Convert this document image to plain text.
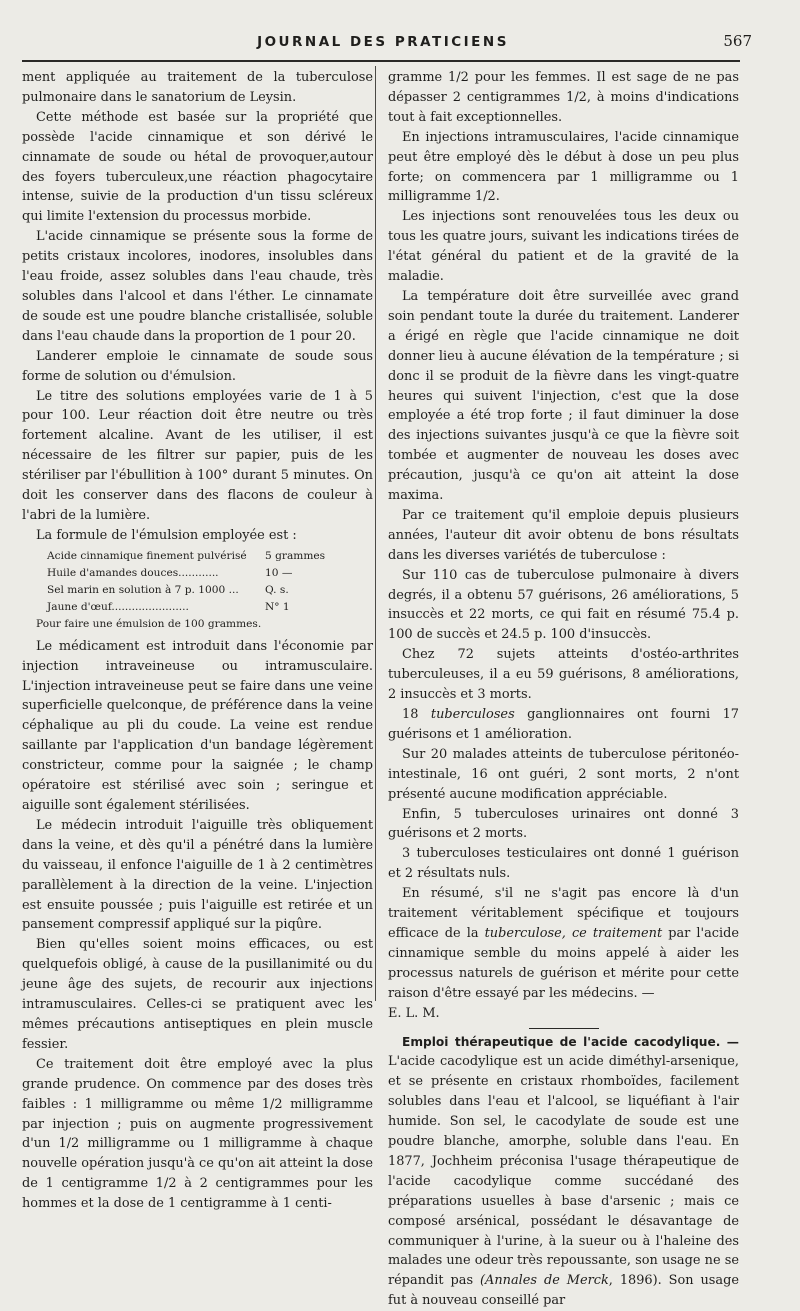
JOURNAL DES PRATICIENS	567

ment appliquée au traitement de la tuberculose pulmonaire dans le sanatorium de Leysin.

Cette méthode est basée sur la propriété que possède l'acide cinnamique et son dérivé le cinnamate de soude ou hétal de provoquer,autour des foyers tuberculeux,une réaction phagocytaire intense, suivie de la production d'un tissu scléreux qui limite l'extension du processus morbide.

L'acide cinnamique se présente sous la forme de petits cristaux incolores, inodores, insolubles dans l'eau froide, assez solubles dans l'eau chaude, très solubles dans l'alcool et dans l'éther. Le cinnamate de soude est une poudre blanche cristallisée, soluble dans l'eau chaude dans la proportion de 1 pour 20.

Landerer emploie le cinnamate de soude sous forme de solution ou d'émulsion.

Le titre des solutions employées varie de 1 à 5 pour 100. Leur réaction doit être neutre ou très fortement alcaline. Avant de les utiliser, il est nécessaire de les filtrer sur papier, puis de les stériliser par l'ébullition à 100° durant 5 minutes. On doit les conserver dans des flacons de couleur à l'abri de la lumière.

La formule de l'émulsion employée est :

Acide cinnamique finement pulvérisé	5 grammes
Huile d'amandes douces............	10 —
Sel marin en solution à 7 p. 1000 ...	Q. s.
Jaune d'œuf.......................	N° 1
Pour faire une émulsion de 100 grammes.

Le médicament est introduit dans l'économie par injection intraveineuse ou intramusculaire. L'injection intraveineuse peut se faire dans une veine superficielle quelconque, de préférence dans la veine céphalique au pli du coude. La veine est rendue saillante par l'application d'un bandage légèrement constricteur, comme pour la saignée ; le champ opératoire est stérilisé avec soin ; seringue et aiguille sont également stérilisées.

Le médecin introduit l'aiguille très obliquement dans la veine, et dès qu'il a pénétré dans la lumière du vaisseau, il enfonce l'aiguille de 1 à 2 centimètres parallèlement à la direction de la veine. L'injection est ensuite poussée ; puis l'aiguille est retirée et un pansement compressif appliqué sur la piqûre.

Bien qu'elles soient moins efficaces, ou est quelquefois obligé, à cause de la pusillanimité ou du jeune âge des sujets, de recourir aux injections intramusculaires. Celles-ci se pratiquent avec les mêmes précautions antiseptiques en plein muscle fessier.

Ce traitement doit être employé avec la plus grande prudence. On commence par des doses très faibles : 1 milligramme ou même 1/2 milligramme par injection ; puis on augmente progressivement d'un 1/2 milligramme ou 1 milligramme à chaque nouvelle opération jusqu'à ce qu'on ait atteint la dose de 1 centigramme 1/2 à 2 centigrammes pour les hommes et la dose de 1 centigramme à 1 centi-

gramme 1/2 pour les femmes. Il est sage de ne pas dépasser 2 centigrammes 1/2, à moins d'indications tout à fait exceptionnelles.

En injections intramusculaires, l'acide cinnamique peut être employé dès le début à dose un peu plus forte; on commencera par 1 milligramme ou 1 milligramme 1/2.

Les injections sont renouvelées tous les deux ou tous les quatre jours, suivant les indications tirées de l'état général du patient et de la gravité de la maladie.

La température doit être surveillée avec grand soin pendant toute la durée du traitement. Landerer a érigé en règle que l'acide cinnamique ne doit donner lieu à aucune élévation de la température ; si donc il se produit de la fièvre dans les vingt-quatre heures qui suivent l'injection, c'est que la dose employée a été trop forte ; il faut diminuer la dose des injections suivantes jusqu'à ce que la fièvre soit tombée et augmenter de nouveau les doses avec précaution, jusqu'à ce qu'on ait atteint la dose maxima.

Par ce traitement qu'il emploie depuis plusieurs années, l'auteur dit avoir obtenu de bons résultats dans les diverses variétés de tuberculose :

Sur 110 cas de tuberculose pulmonaire à divers degrés, il a obtenu 57 guérisons, 26 améliorations, 5 insuccès et 22 morts, ce qui fait en résumé 75.4 p. 100 de succès et 24.5 p. 100 d'insuccès.

Chez 72 sujets atteints d'ostéo-arthrites tuberculeuses, il a eu 59 guérisons, 8 améliorations, 2 insuccès et 3 morts.

18 tuberculoses ganglionnaires ont fourni 17 guérisons et 1 amélioration.

Sur 20 malades atteints de tuberculose péritonéo-intestinale, 16 ont guéri, 2 sont morts, 2 n'ont présenté aucune modification appréciable.

Enfin, 5 tuberculoses urinaires ont donné 3 guérisons et 2 morts.

3 tuberculoses testiculaires ont donné 1 guérison et 2 résultats nuls.

En résumé, s'il ne s'agit pas encore là d'un traitement véritablement spécifique et toujours efficace de la tuberculose, ce traitement par l'acide cinnamique semble du moins appelé à aider les processus naturels de guérison et mérite pour cette raison d'être essayé par les médecins. —

E. L. M.

Emploi thérapeutique de l'acide cacodylique. — L'acide cacodylique est un acide diméthyl-arsenique, et se présente en cristaux rhomboïdes, facilement solubles dans l'eau et l'alcool, se liquéfiant à l'air humide. Son sel, le cacodylate de soude est une poudre blanche, amorphe, soluble dans l'eau. En 1877, Jochheim préconisa l'usage thérapeutique de l'acide cacodylique comme succédané des préparations usuelles à base d'arsenic ; mais ce composé arsénical, possédant le désavantage de communiquer à l'urine, à la sueur ou à l'haleine des malades une odeur très repoussante, son usage ne se répandit pas (Annales de Merck, 1896). Son usage fut à nouveau conseillé par
